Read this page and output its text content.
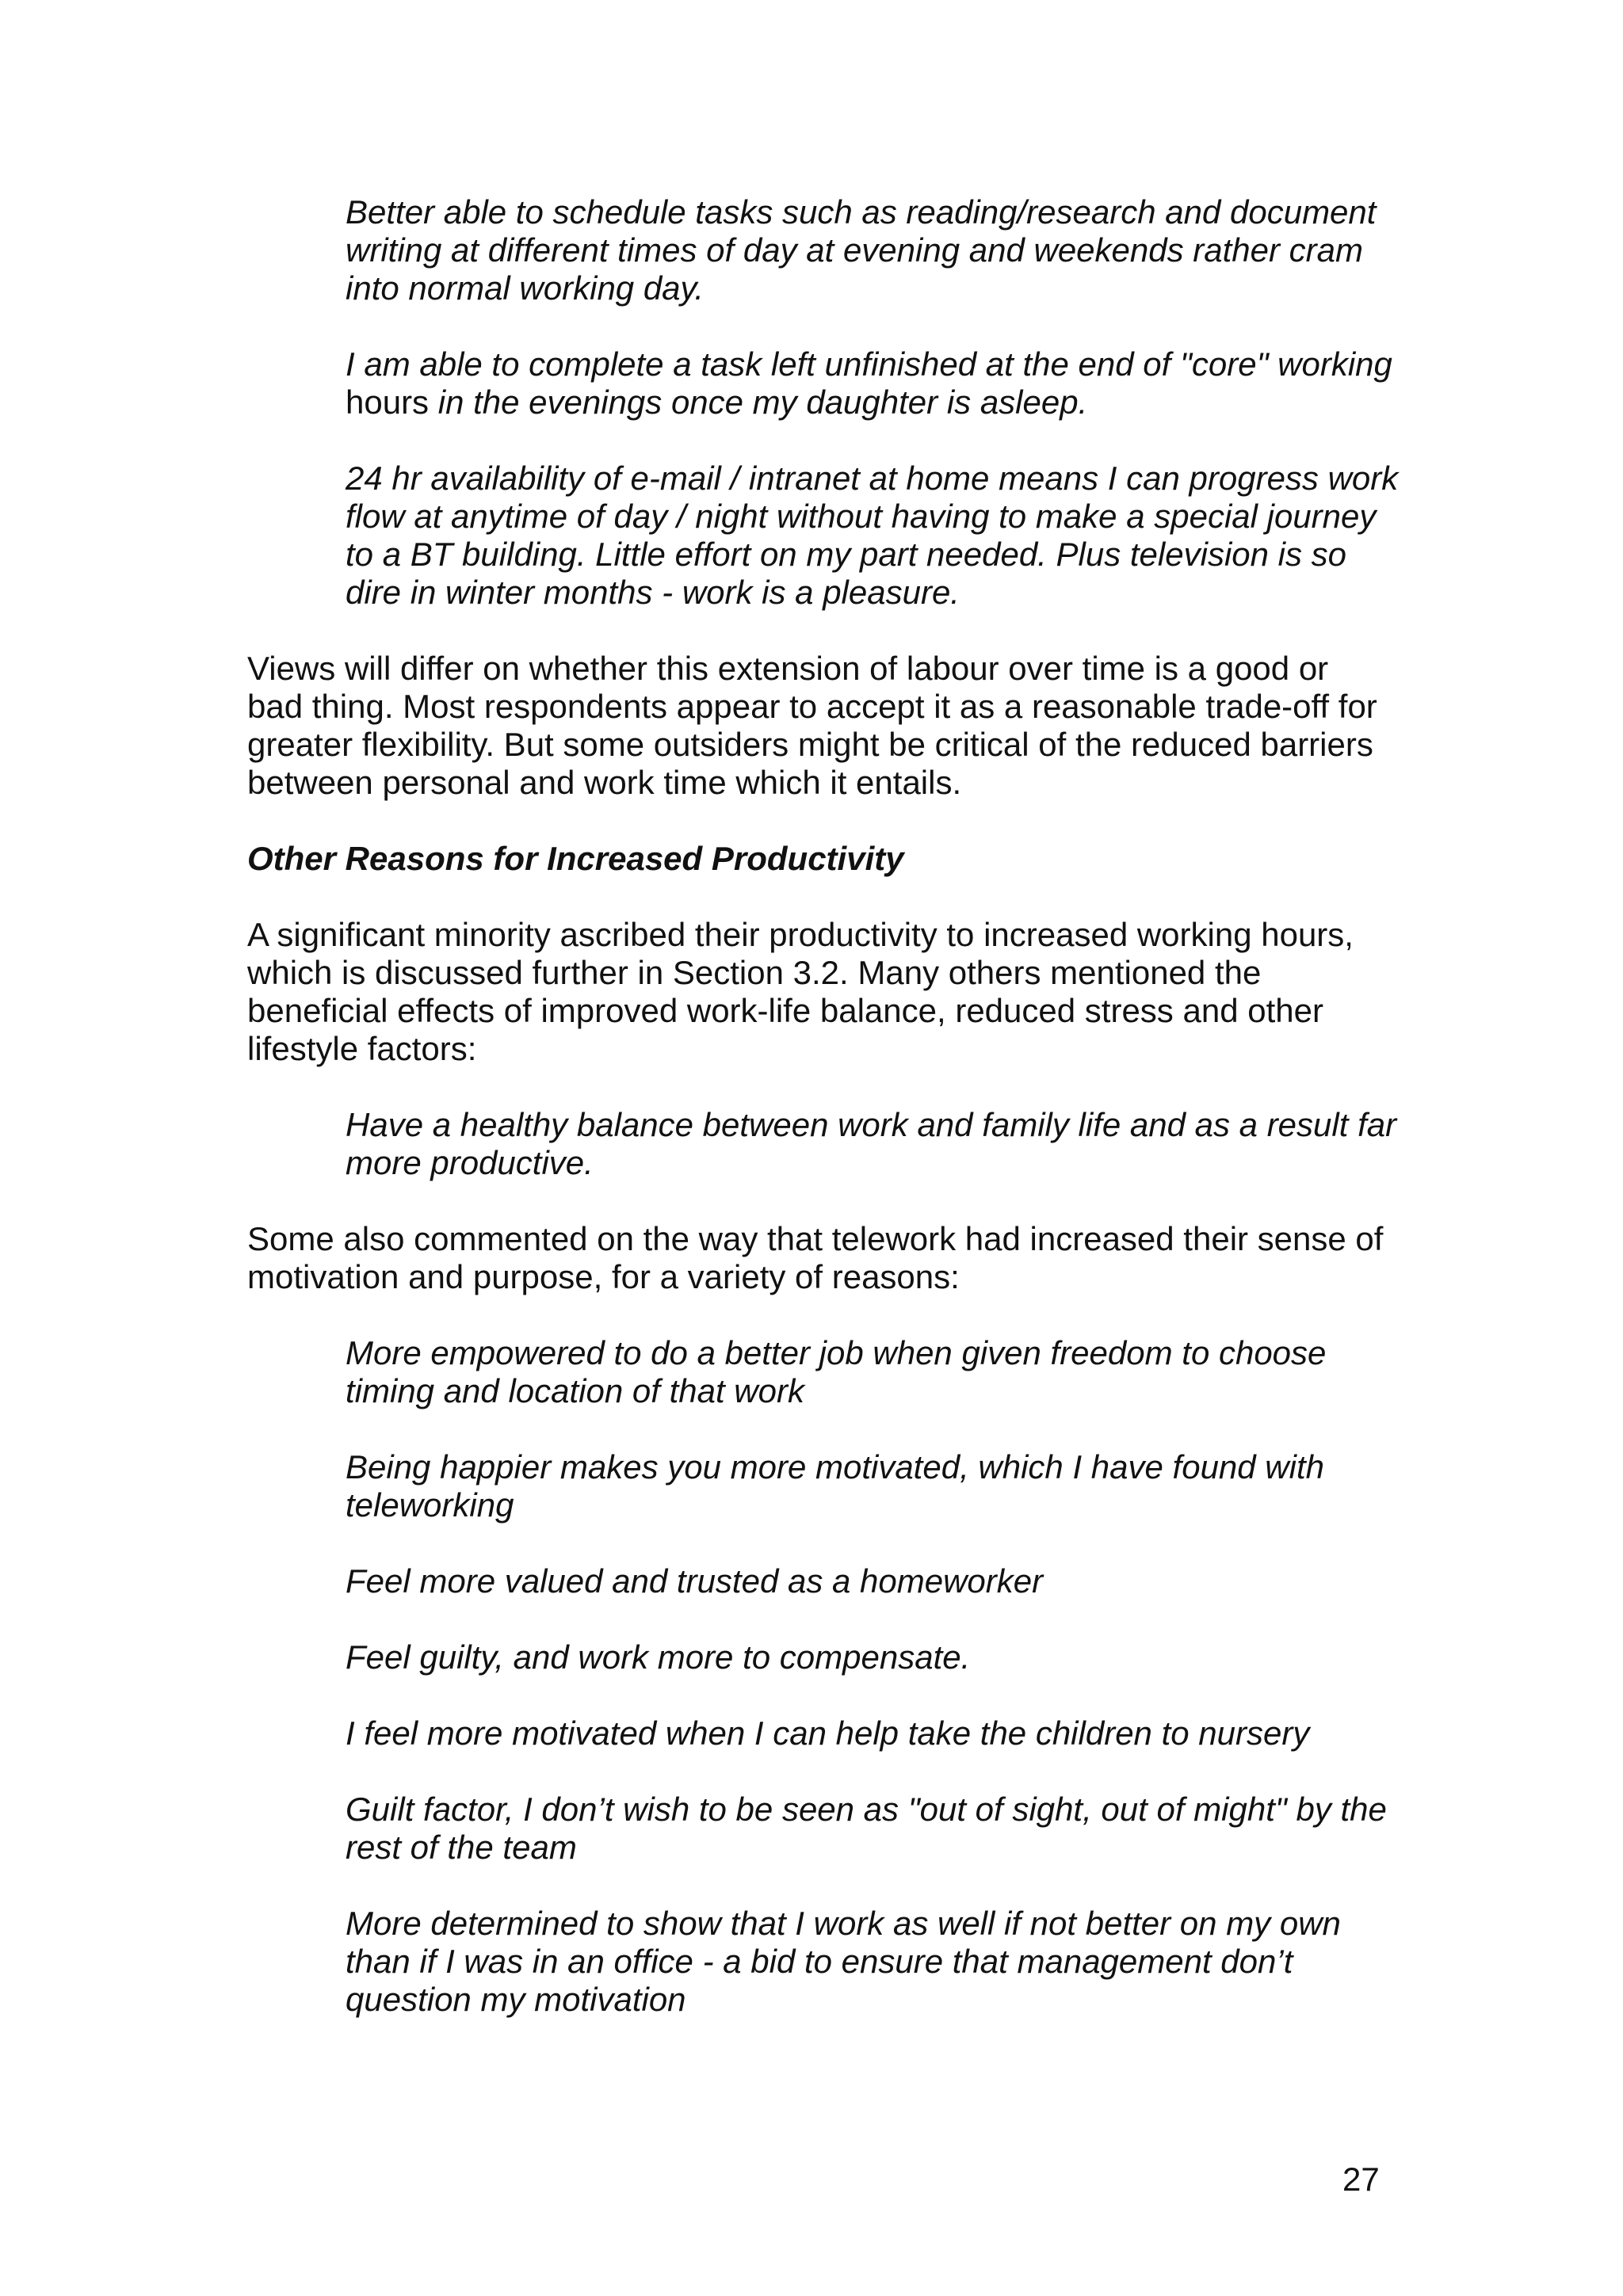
Better able to schedule tasks such as reading/research and document writing at different times of day at evening and weekends rather cram into normal working day.

I am able to complete a task left unfinished at the end of "core" working
hours in the evenings once my daughter is asleep.

24 hr availability of e-mail / intranet at home means I can progress work flow at anytime of day / night without having to make a special journey to a BT building. Little effort on my part needed. Plus television is so dire in winter months - work is a pleasure.

Views will differ on whether this extension of labour over time is a good or bad thing. Most respondents appear to accept it as a reasonable trade-off for greater flexibility. But some outsiders might be critical of the reduced barriers between personal and work time which it entails.

Other Reasons for Increased Productivity

A significant minority ascribed their productivity to increased working hours, which is discussed further in Section 3.2. Many others mentioned the beneficial effects of improved work-life balance, reduced stress and other lifestyle factors:

Have a healthy balance between work and family life and as a result far more productive.

Some also commented on the way that telework had increased their sense of motivation and purpose, for a variety of reasons:

More empowered to do a better job when given freedom to choose timing and location of that work

Being happier makes you more motivated, which I have found with teleworking

Feel more valued and trusted as a homeworker

Feel guilty, and work more to compensate.

I feel more motivated when I can help take the children to nursery

Guilt factor, I don’t wish to be seen as "out of sight, out of might" by the rest of the team

More determined to show that I work as well if not better on my own than if I was in an office - a bid to ensure that management don’t question my motivation

27
